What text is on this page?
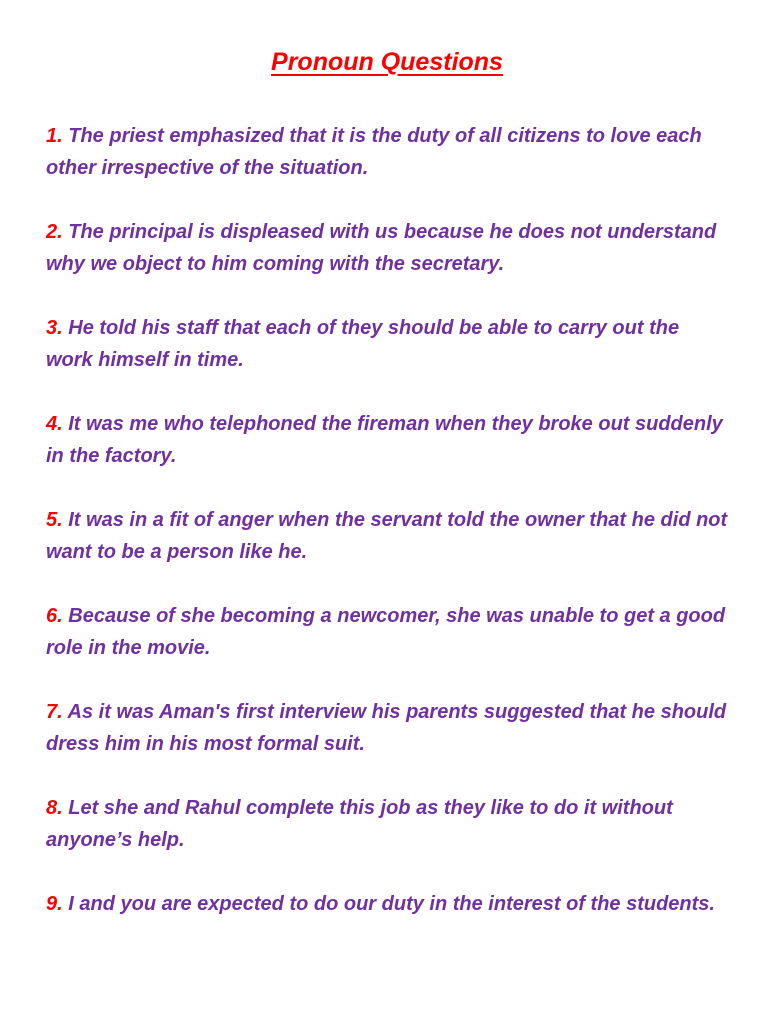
Pronoun Questions
1. The priest emphasized that it is the duty of all citizens to love each other irrespective of the situation.
2. The principal is displeased with us because he does not understand why we object to him coming with the secretary.
3. He told his staff that each of they should be able to carry out the work himself in time.
4. It was me who telephoned the fireman when they broke out suddenly in the factory.
5. It was in a fit of anger when the servant told the owner that he did not want to be a person like he.
6. Because of she becoming a newcomer, she was unable to get a good role in the movie.
7. As it was Aman's first interview his parents suggested that he should dress him in his most formal suit.
8. Let she and Rahul complete this job as they like to do it without anyone’s help.
9. I and you are expected to do our duty in the interest of the students.
